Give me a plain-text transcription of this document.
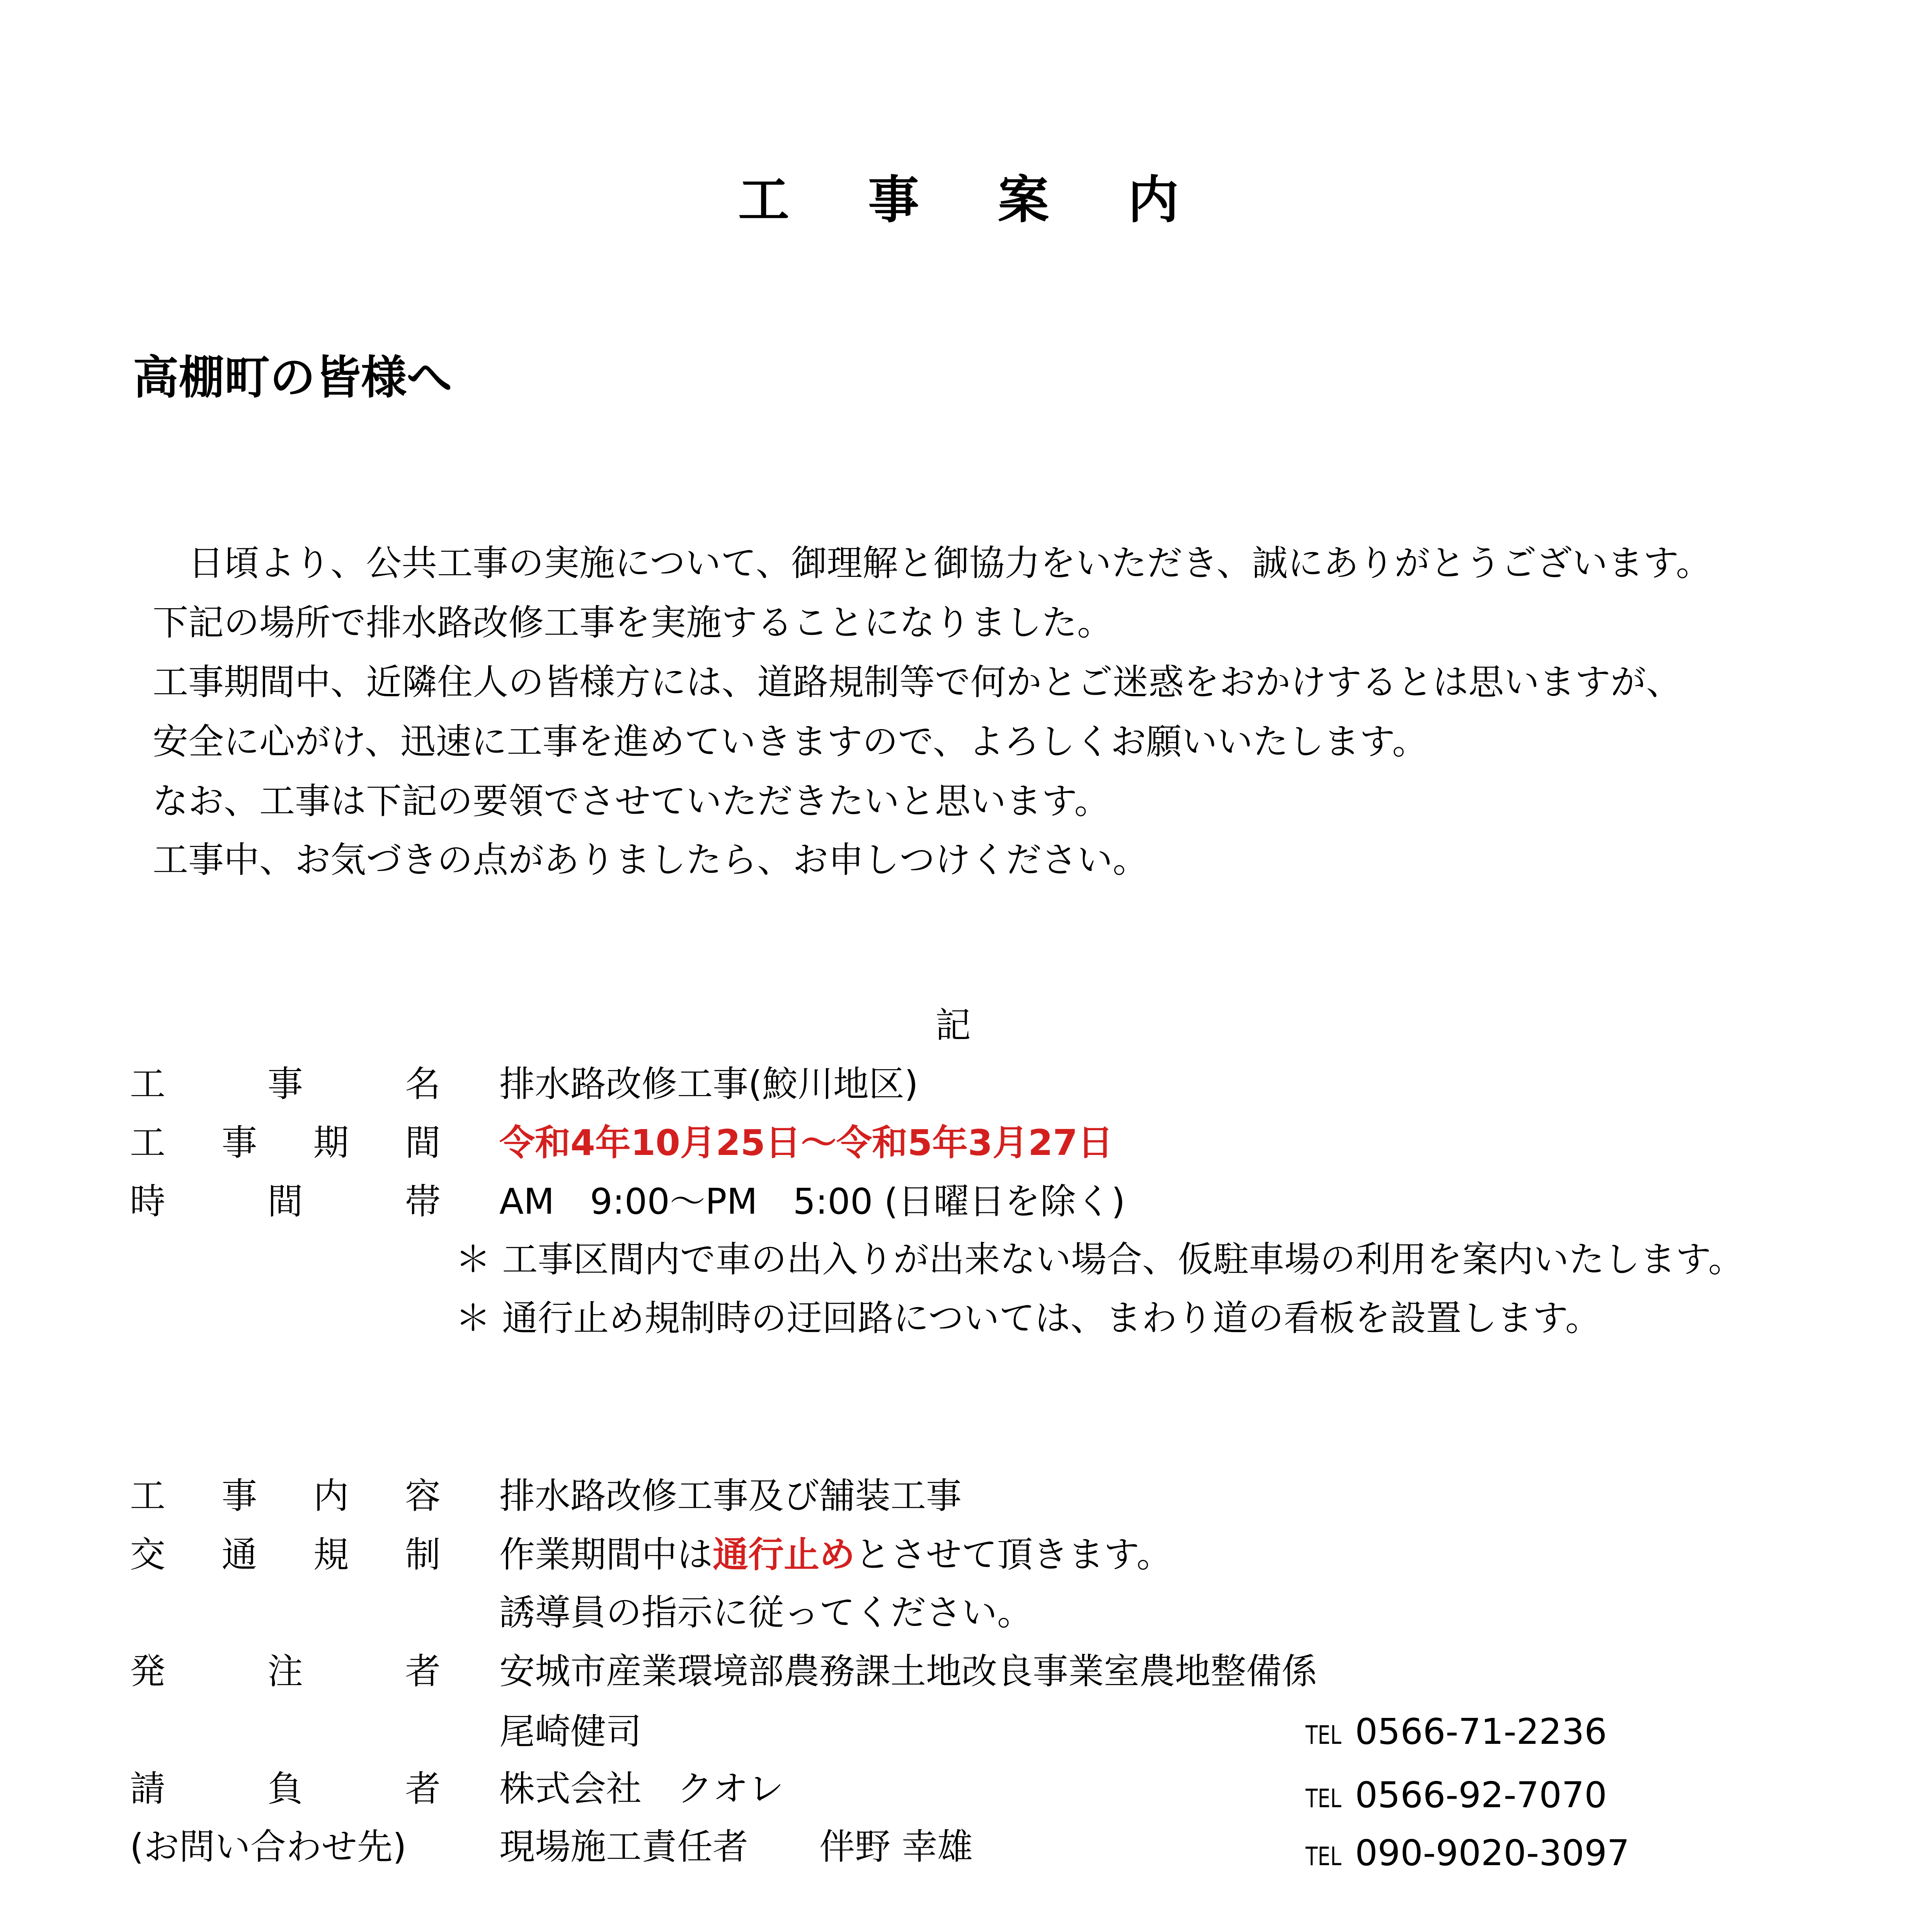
工 事 案 内
高棚町の皆様へ
　日頃より、公共工事の実施について、御理解と御協力をいただき、誠にありがとうございます。
下記の場所で排水路改修工事を実施することになりました。
工事期間中、近隣住人の皆様方には、道路規制等で何かとご迷惑をおかけするとは思いますが、
安全に心がけ、迅速に工事を進めていきますので、よろしくお願いいたします。
なお、工事は下記の要領でさせていただきたいと思います。
工事中、お気づきの点がありましたら、お申しつけください。
記
工	事	名 排水路改修工事(鮫川地区)
工 事 期 間 令和4年10月25日～令和5年3月27日
時	間	帯 AM　9:00～PM　5:00 (日曜日を除く)
＊ 工事区間内で車の出入りが出来ない場合、仮駐車場の利用を案内いたします。
＊ 通行止め規制時の迂回路については、まわり道の看板を設置します。
工 事 内 容 排水路改修工事及び舗装工事
交 通 規 制 作業期間中は通行止めとさせて頂きます。
誘導員の指示に従ってください。
発	注	者 安城市産業環境部農務課土地改良事業室農地整備係
尾崎健司	TEL 0566-71-2236
請	負	者 株式会社　クオレ	TEL 0566-92-7070
(お問い合わせ先)	現場施工責任者　　伴野 幸雄	TEL 090-9020-3097
